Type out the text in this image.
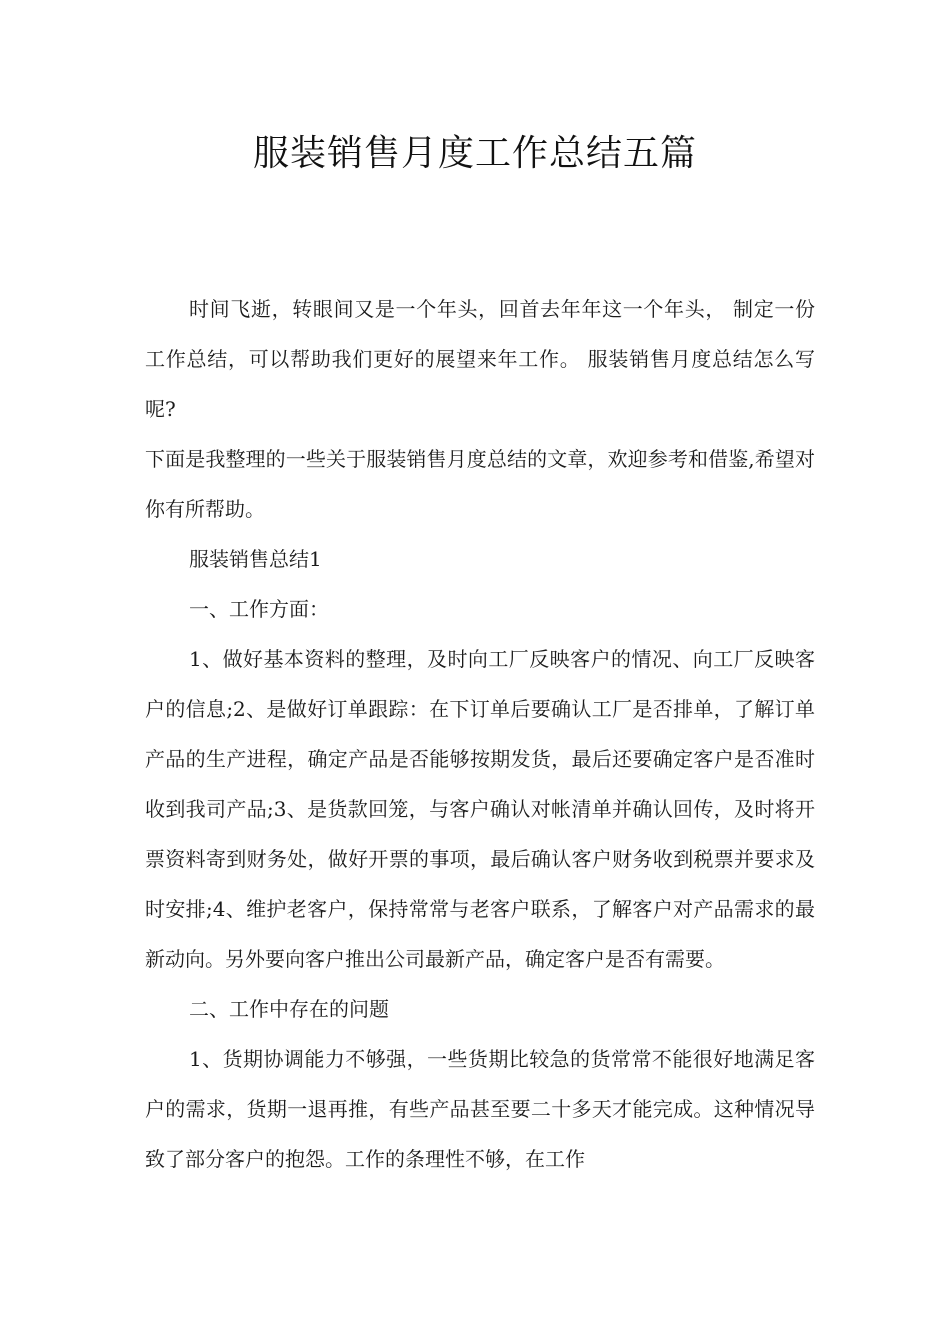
服装销售月度工作总结五篇

时间飞逝，转眼间又是一个年头，回首去年年这一个年头， 制定一份工作总结，可以帮助我们更好的展望来年工作。 服装销售月度总结怎么写呢?

下面是我整理的一些关于服装销售月度总结的文章，欢迎参考和借鉴,希望对你有所帮助。

服装销售总结1

一、工作方面：

1、做好基本资料的整理，及时向工厂反映客户的情况、向工厂反映客户的信息;2、是做好订单跟踪：在下订单后要确认工厂是否排单，了解订单产品的生产进程，确定产品是否能够按期发货，最后还要确定客户是否准时收到我司产品;3、是货款回笼，与客户确认对帐清单并确认回传，及时将开票资料寄到财务处，做好开票的事项，最后确认客户财务收到税票并要求及时安排;4、维护老客户，保持常常与老客户联系，了解客户对产品需求的最新动向。另外要向客户推出公司最新产品，确定客户是否有需要。

二、工作中存在的问题

1、货期协调能力不够强，一些货期比较急的货常常不能很好地满足客户的需求，货期一退再推，有些产品甚至要二十多天才能完成。这种情况导致了部分客户的抱怨。工作的条理性不够，在工作
